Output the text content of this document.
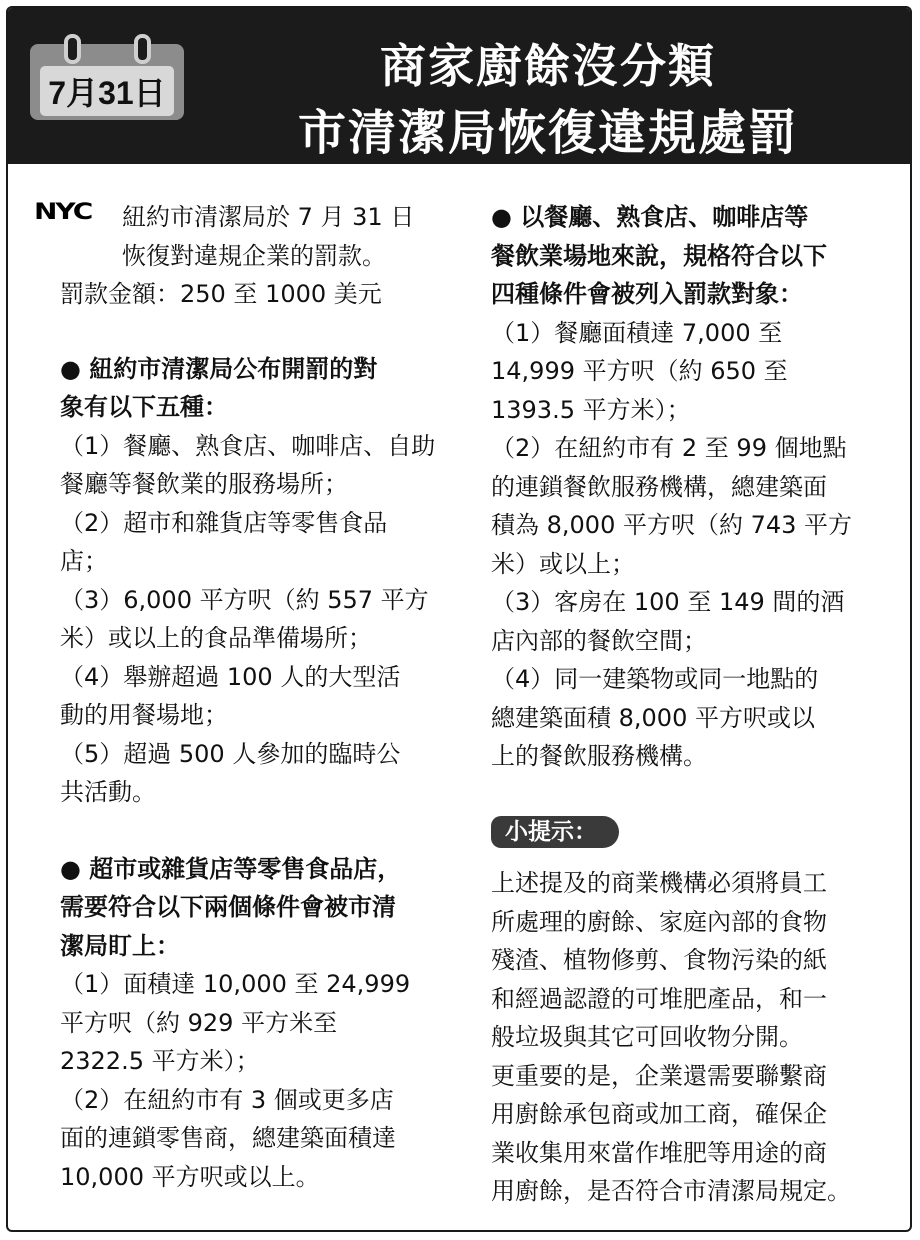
7月31日	商家廚餘沒分類
市清潔局恢復違規處罰
NYC	紐約市清潔局於 7 月 31 日

恢復對違規企業的罰款。

罰款金額：250 至 1000 美元

● 紐約市清潔局公布開罰的對

象有以下五種：

（1）餐廳、熟食店、咖啡店、自助

餐廳等餐飲業的服務場所；

（2）超市和雜貨店等零售食品

店；

（3）6,000 平方呎（約 557 平方

米）或以上的食品準備場所；

（4）舉辦超過 100 人的大型活

動的用餐場地；

（5）超過 500 人參加的臨時公

共活動。

● 超市或雜貨店等零售食品店，

需要符合以下兩個條件會被市清

潔局盯上：

（1）面積達 10,000 至 24,999

平方呎（約 929 平方米至

2322.5 平方米）；

（2）在紐約市有 3 個或更多店

面的連鎖零售商，總建築面積達

10,000 平方呎或以上。

● 以餐廳、熟食店、咖啡店等

餐飲業場地來說，規格符合以下

四種條件會被列入罰款對象：

（1）餐廳面積達 7,000 至

14,999 平方呎（約 650 至

1393.5 平方米）；

（2）在紐約市有 2 至 99 個地點

的連鎖餐飲服務機構，總建築面

積為 8,000 平方呎（約 743 平方

米）或以上；

（3）客房在 100 至 149 間的酒

店內部的餐飲空間；

（4）同一建築物或同一地點的

總建築面積 8,000 平方呎或以

上的餐飲服務機構。

小提示：

上述提及的商業機構必須將員工

所處理的廚餘、家庭內部的食物

殘渣、植物修剪、食物污染的紙

和經過認證的可堆肥產品，和一

般垃圾與其它可回收物分開。

更重要的是，企業還需要聯繫商

用廚餘承包商或加工商，確保企

業收集用來當作堆肥等用途的商

用廚餘，是否符合市清潔局規定。
